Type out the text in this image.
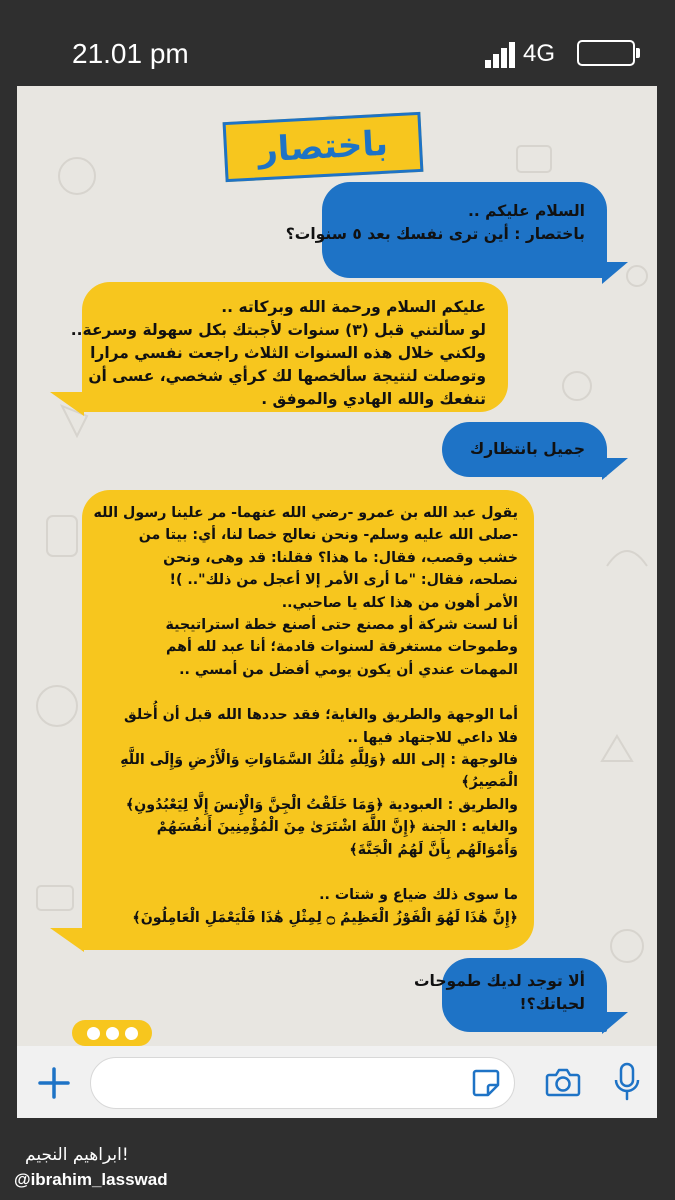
21.01 pm	4G
باختصار
السلام عليكم ..
باختصار : أين ترى نفسك بعد ٥ سنوات؟
عليكم السلام ورحمة الله وبركاته ..
لو سألتني قبل (٣) سنوات لأجبتك بكل سهولة وسرعة..
ولكني خلال هذه السنوات الثلاث راجعت نفسي مرارا
وتوصلت لنتيجة سألخصها لك كرأي شخصي، عسى أن
تنفعك والله الهادي والموفق .
جميل بانتظارك
يقول عبد الله بن عمرو -رضي الله عنهما- مر علينا رسول الله
-صلى الله عليه وسلم- ونحن نعالج خصا لنا، أي: بيتا من
خشب وقصب، فقال: ما هذا؟ فقلنا: قد وهى، ونحن
نصلحه، فقال: "ما أرى الأمر إلا أعجل من ذلك".. )!
الأمر أهون من هذا كله يا صاحبي..
أنا لست شركة أو مصنع حتى أصنع خطة استراتيجية
وطموحات مستغرقة لسنوات قادمة؛ أنا عبد لله أهم
المهمات عندي أن يكون يومي أفضل من أمسي ..
أما الوجهة والطريق والغاية؛ فقد حددها الله قبل أن أُخلق
فلا داعي للاجتهاد فيها ..
فالوجهة : إلى الله ﴿وَلِلَّهِ مُلْكُ السَّمَاوَاتِ وَالْأَرْضِ وَإِلَى اللَّهِ
الْمَصِيرُ﴾
والطريق : العبودية ﴿وَمَا خَلَقْتُ الْجِنَّ وَالْإِنسَ إِلَّا لِيَعْبُدُونِ﴾
والغايه : الجنة ﴿إِنَّ اللَّهَ اشْتَرَىٰ مِنَ الْمُؤْمِنِينَ أَنفُسَهُمْ
وَأَمْوَالَهُم بِأَنَّ لَهُمُ الْجَنَّةَ﴾
ما سوى ذلك ضياع و شتات ..
﴿إِنَّ هَٰذَا لَهُوَ الْفَوْزُ الْعَظِيمُ ۝ لِمِثْلِ هَٰذَا فَلْيَعْمَلِ الْعَامِلُونَ﴾
ألا توجد لديك طموحات
لحياتك؟!
!ابراهيم النجيم
@ibrahim_lasswad
